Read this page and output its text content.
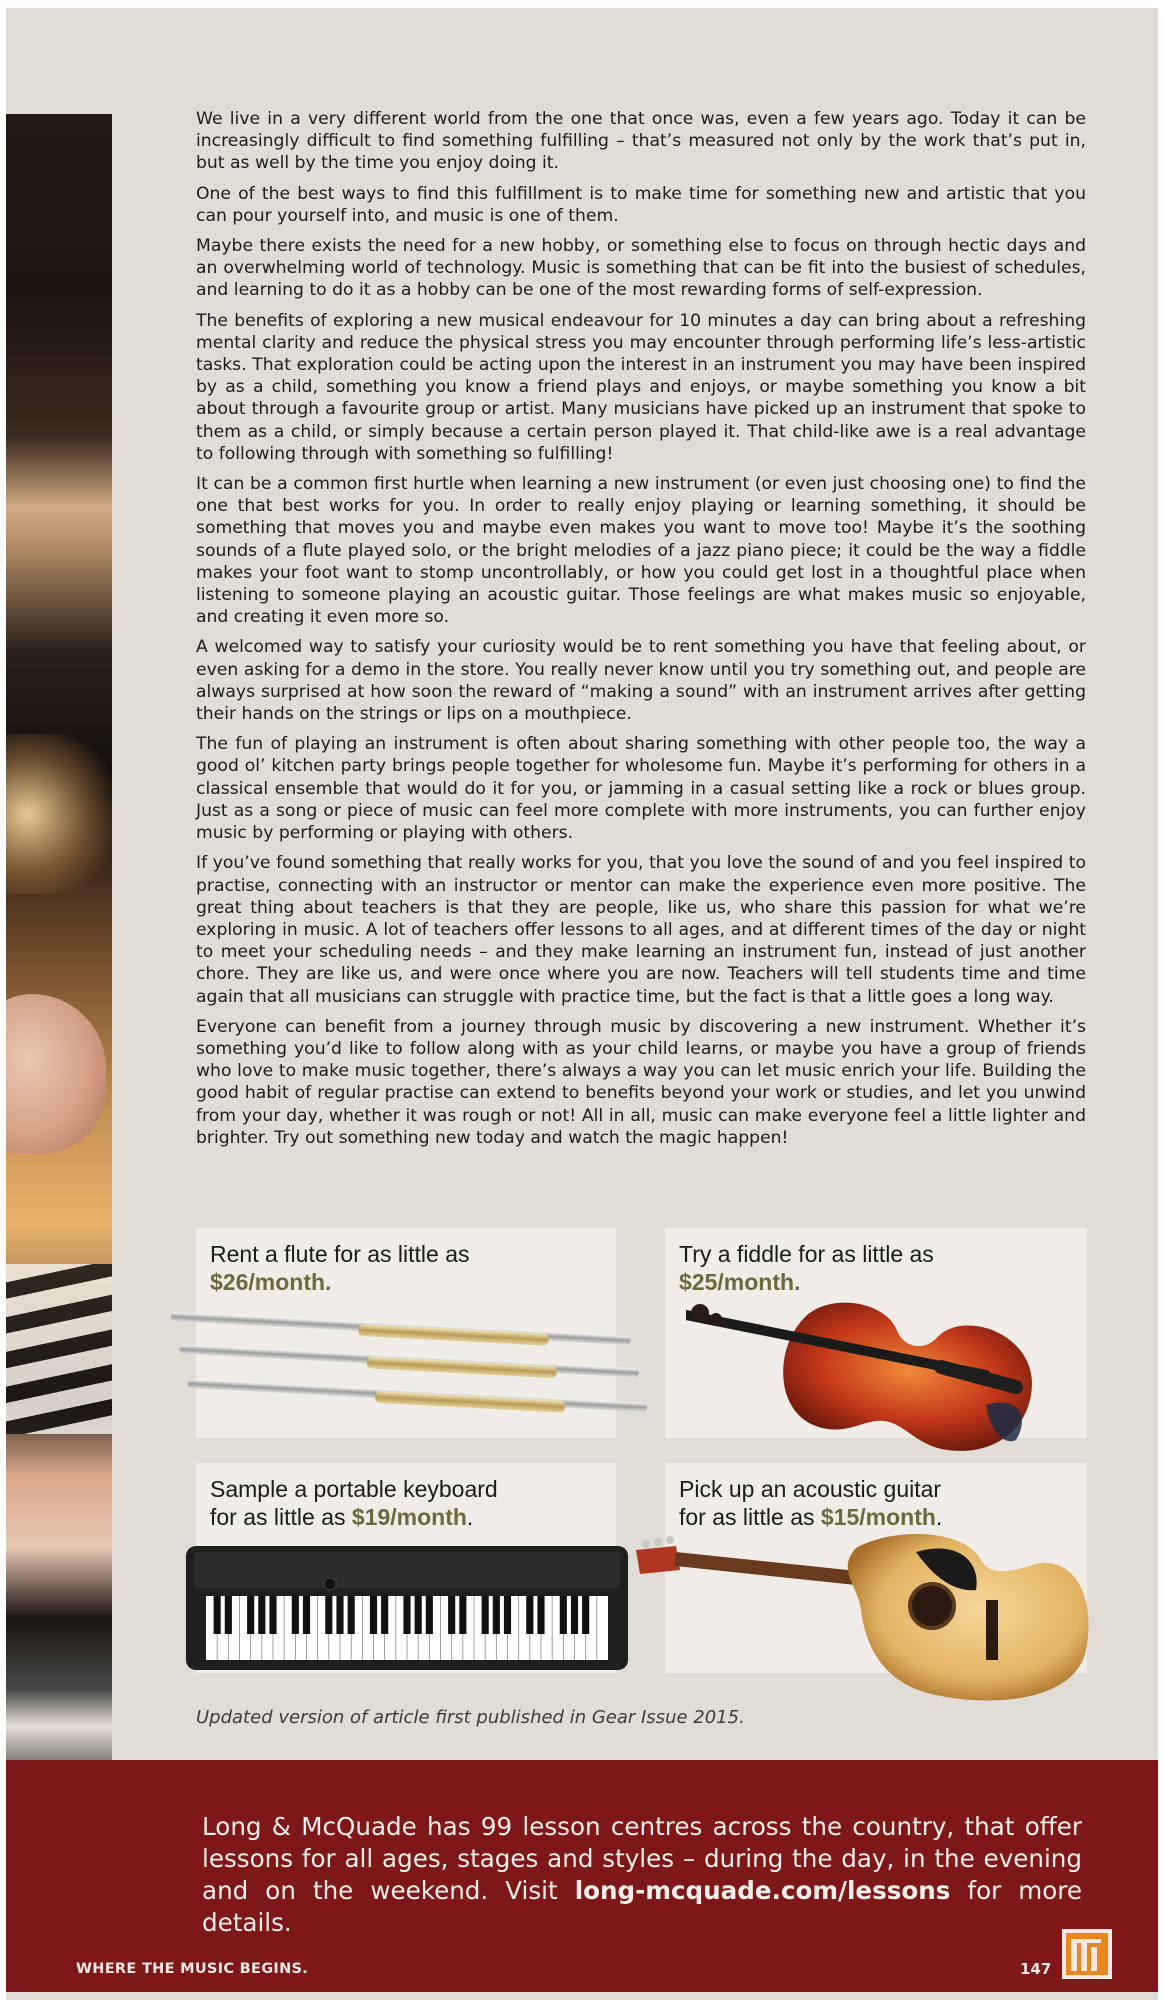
We live in a very different world from the one that once was, even a few years ago. Today it can be increasingly difficult to find something fulfilling – that’s measured not only by the work that’s put in, but as well by the time you enjoy doing it.

One of the best ways to find this fulfillment is to make time for something new and artistic that you can pour yourself into, and music is one of them.

Maybe there exists the need for a new hobby, or something else to focus on through hectic days and an overwhelming world of technology. Music is something that can be fit into the busiest of schedules, and learning to do it as a hobby can be one of the most rewarding forms of self-expression.

The benefits of exploring a new musical endeavour for 10 minutes a day can bring about a refreshing mental clarity and reduce the physical stress you may encounter through performing life’s less-artistic tasks. That exploration could be acting upon the interest in an instrument you may have been inspired by as a child, something you know a friend plays and enjoys, or maybe something you know a bit about through a favourite group or artist. Many musicians have picked up an instrument that spoke to them as a child, or simply because a certain person played it. That child-like awe is a real advantage to following through with something so fulfilling!

It can be a common first hurtle when learning a new instrument (or even just choosing one) to find the one that best works for you. In order to really enjoy playing or learning something, it should be something that moves you and maybe even makes you want to move too! Maybe it’s the soothing sounds of a flute played solo, or the bright melodies of a jazz piano piece; it could be the way a fiddle makes your foot want to stomp uncontrollably, or how you could get lost in a thoughtful place when listening to someone playing an acoustic guitar. Those feelings are what makes music so enjoyable, and creating it even more so.

A welcomed way to satisfy your curiosity would be to rent something you have that feeling about, or even asking for a demo in the store. You really never know until you try something out, and people are always surprised at how soon the reward of “making a sound” with an instrument arrives after getting their hands on the strings or lips on a mouthpiece.

The fun of playing an instrument is often about sharing something with other people too, the way a good ol’ kitchen party brings people together for wholesome fun. Maybe it’s performing for others in a classical ensemble that would do it for you, or jamming in a casual setting like a rock or blues group. Just as a song or piece of music can feel more complete with more instruments, you can further enjoy music by performing or playing with others.

If you’ve found something that really works for you, that you love the sound of and you feel inspired to practise, connecting with an instructor or mentor can make the experience even more positive. The great thing about teachers is that they are people, like us, who share this passion for what we’re exploring in music. A lot of teachers offer lessons to all ages, and at different times of the day or night to meet your scheduling needs – and they make learning an instrument fun, instead of just another chore. They are like us, and were once where you are now. Teachers will tell students time and time again that all musicians can struggle with practice time, but the fact is that a little goes a long way.

Everyone can benefit from a journey through music by discovering a new instrument. Whether it’s something you’d like to follow along with as your child learns, or maybe you have a group of friends who love to make music together, there’s always a way you can let music enrich your life. Building the good habit of regular practise can extend to benefits beyond your work or studies, and let you unwind from your day, whether it was rough or not! All in all, music can make everyone feel a little lighter and brighter. Try out something new today and watch the magic happen!

Rent a flute for as little as
$26/month.
Try a fiddle for as little as
$25/month.
Sample a portable keyboard
for as little as $19/month.
Pick up an acoustic guitar
for as little as $15/month.
Updated version of article first published in Gear Issue 2015.
Long & McQuade has 99 lesson centres across the country, that offer lessons for all ages, stages and styles – during the day, in the evening and on the weekend. Visit long-mcquade.com/lessons for more details.
WHERE THE MUSIC BEGINS.	147
